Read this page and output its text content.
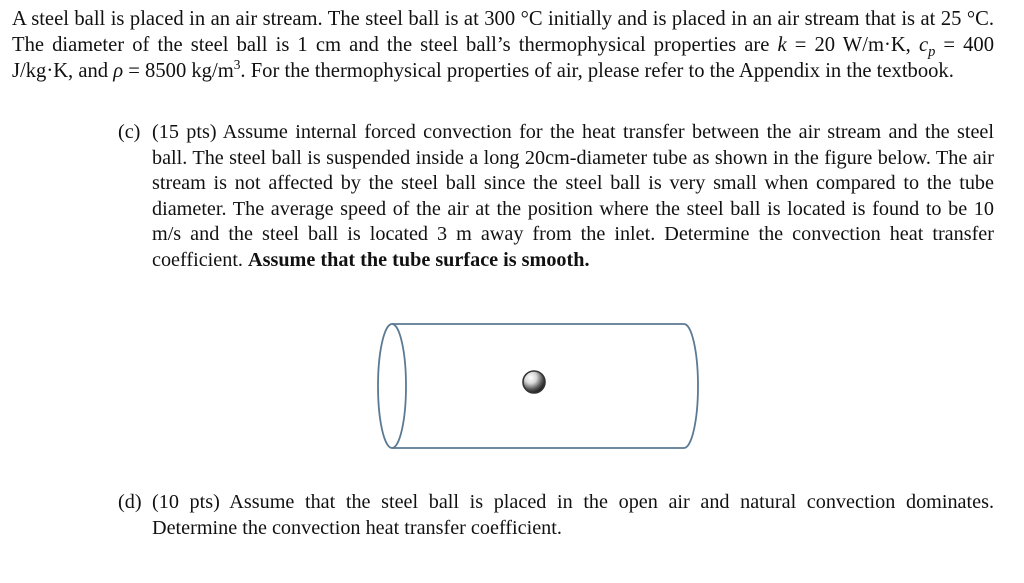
A steel ball is placed in an air stream. The steel ball is at 300 °C initially and is placed in an air stream that is at 25 °C. The diameter of the steel ball is 1 cm and the steel ball’s thermophysical properties are k = 20 W/m·K, $c_p = 400$ J/kg·K, and ρ = 8500 $kg/m^3$. For the thermophysical properties of air, please refer to the Appendix in the textbook.
(c) (15 pts) Assume internal forced convection for the heat transfer between the air stream and the steel ball. The steel ball is suspended inside a long 20cm-diameter tube as shown in the figure below. The air stream is not affected by the steel ball since the steel ball is very small when compared to the tube diameter. The average speed of the air at the position where the steel ball is located is found to be 10 m/s and the steel ball is located 3 m away from the inlet. Determine the convection heat transfer coefficient. Assume that the tube surface is smooth.
(d) (10 pts) Assume that the steel ball is placed in the open air and natural convection dominates. Determine the convection heat transfer coefficient.
